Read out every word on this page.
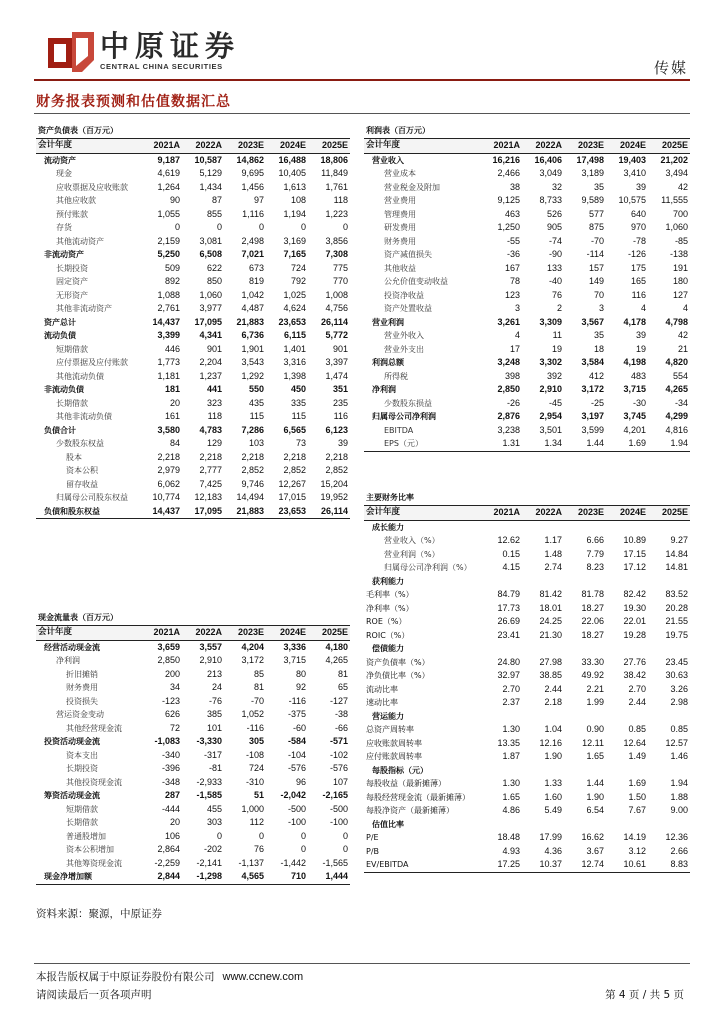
中原证券
CENTRAL CHINA SECURITIES	传媒
财务报表预测和估值数据汇总
资产负债表（百万元）					
会计年度	2021A	2022A	2023E	2024E	2025E
流动资产	9,187	10,587	14,862	16,488	18,806
现金	4,619	5,129	9,695	10,405	11,849
应收票据及应收账款	1,264	1,434	1,456	1,613	1,761
其他应收款	90	87	97	108	118
预付账款	1,055	855	1,116	1,194	1,223
存货	0	0	0	0	0
其他流动资产	2,159	3,081	2,498	3,169	3,856
非流动资产	5,250	6,508	7,021	7,165	7,308
长期投资	509	622	673	724	775
固定资产	892	850	819	792	770
无形资产	1,088	1,060	1,042	1,025	1,008
其他非流动资产	2,761	3,977	4,487	4,624	4,756
资产总计	14,437	17,095	21,883	23,653	26,114
流动负债	3,399	4,341	6,736	6,115	5,772
短期借款	446	901	1,901	1,401	901
应付票据及应付账款	1,773	2,204	3,543	3,316	3,397
其他流动负债	1,181	1,237	1,292	1,398	1,474
非流动负债	181	441	550	450	351
长期借款	20	323	435	335	235
其他非流动负债	161	118	115	115	116
负债合计	3,580	4,783	7,286	6,565	6,123
少数股东权益	84	129	103	73	39
股本	2,218	2,218	2,218	2,218	2,218
资本公积	2,979	2,777	2,852	2,852	2,852
留存收益	6,062	7,425	9,746	12,267	15,204
归属母公司股东权益	10,774	12,183	14,494	17,015	19,952
负债和股东权益	14,437	17,095	21,883	23,653	26,114
现金流量表（百万元）					
会计年度	2021A	2022A	2023E	2024E	2025E
经营活动现金流	3,659	3,557	4,204	3,336	4,180
净利润	2,850	2,910	3,172	3,715	4,265
折旧摊销	200	213	85	80	81
财务费用	34	24	81	92	65
投资损失	-123	-76	-70	-116	-127
营运资金变动	626	385	1,052	-375	-38
其他经营现金流	72	101	-116	-60	-66
投资活动现金流	-1,083	-3,330	305	-584	-571
资本支出	-340	-317	-108	-104	-102
长期投资	-396	-81	724	-576	-576
其他投资现金流	-348	-2,933	-310	96	107
筹资活动现金流	287	-1,585	51	-2,042	-2,165
短期借款	-444	455	1,000	-500	-500
长期借款	20	303	112	-100	-100
普通股增加	106	0	0	0	0
资本公积增加	2,864	-202	76	0	0
其他筹资现金流	-2,259	-2,141	-1,137	-1,442	-1,565
现金净增加额	2,844	-1,298	4,565	710	1,444
利润表（百万元）					
会计年度	2021A	2022A	2023E	2024E	2025E
营业收入	16,216	16,406	17,498	19,403	21,202
营业成本	2,466	3,049	3,189	3,410	3,494
营业税金及附加	38	32	35	39	42
营业费用	9,125	8,733	9,589	10,575	11,555
管理费用	463	526	577	640	700
研发费用	1,250	905	875	970	1,060
财务费用	-55	-74	-70	-78	-85
资产减值损失	-36	-90	-114	-126	-138
其他收益	167	133	157	175	191
公允价值变动收益	78	-40	149	165	180
投资净收益	123	76	70	116	127
资产处置收益	3	2	3	4	4
营业利润	3,261	3,309	3,567	4,178	4,798
营业外收入	4	11	35	39	42
营业外支出	17	19	18	19	21
利润总额	3,248	3,302	3,584	4,198	4,820
所得税	398	392	412	483	554
净利润	2,850	2,910	3,172	3,715	4,265
少数股东损益	-26	-45	-25	-30	-34
归属母公司净利润	2,876	2,954	3,197	3,745	4,299
EBITDA	3,238	3,501	3,599	4,201	4,816
EPS（元）	1.31	1.34	1.44	1.69	1.94
主要财务比率					
会计年度	2021A	2022A	2023E	2024E	2025E
成长能力					
营业收入（%）	12.62	1.17	6.66	10.89	9.27
营业利润（%）	0.15	1.48	7.79	17.15	14.84
归属母公司净利润（%）	4.15	2.74	8.23	17.12	14.81
获利能力					
毛利率（%）	84.79	81.42	81.78	82.42	83.52
净利率（%）	17.73	18.01	18.27	19.30	20.28
ROE（%）	26.69	24.25	22.06	22.01	21.55
ROIC（%）	23.41	21.30	18.27	19.28	19.75
偿债能力					
资产负债率（%）	24.80	27.98	33.30	27.76	23.45
净负债比率（%）	32.97	38.85	49.92	38.42	30.63
流动比率	2.70	2.44	2.21	2.70	3.26
速动比率	2.37	2.18	1.99	2.44	2.98
营运能力					
总资产周转率	1.30	1.04	0.90	0.85	0.85
应收账款周转率	13.35	12.16	12.11	12.64	12.57
应付账款周转率	1.87	1.90	1.65	1.49	1.46
每股指标（元）					
每股收益（最新摊薄）	1.30	1.33	1.44	1.69	1.94
每股经营现金流（最新摊薄）	1.65	1.60	1.90	1.50	1.88
每股净资产（最新摊薄）	4.86	5.49	6.54	7.67	9.00
估值比率					
P/E	18.48	17.99	16.62	14.19	12.36
P/B	4.93	4.36	3.67	3.12	2.66
EV/EBITDA	17.25	10.37	12.74	10.61	8.83
资料来源：聚源，中原证券
本报告版权属于中原证券股份有限公司 www.ccnew.com
请阅读最后一页各项声明	第 4 页 / 共 5 页
